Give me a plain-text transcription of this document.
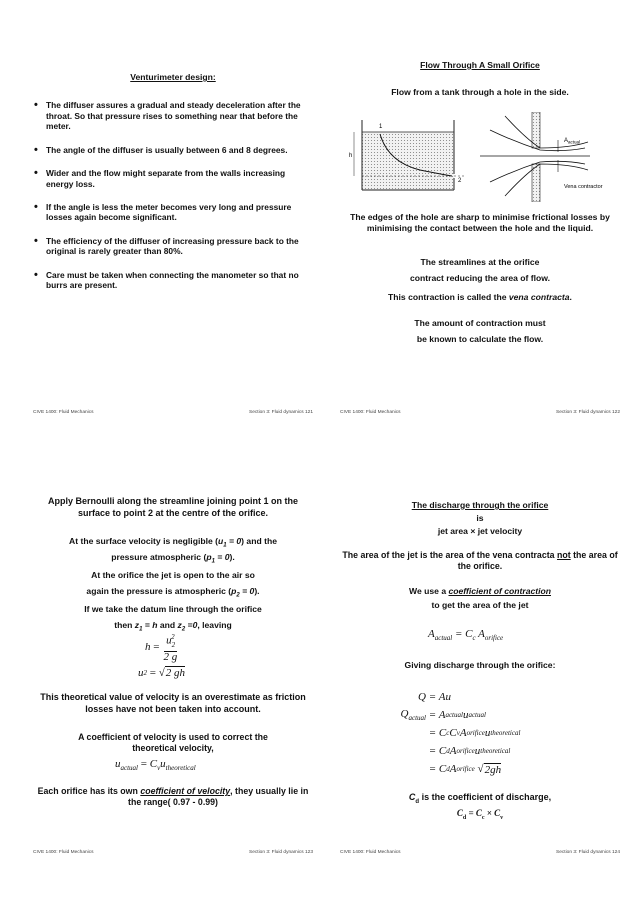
Venturimeter design:
• The diffuser assures a gradual and steady deceleration after the throat. So that pressure rises to something near that before the meter.
• The angle of the diffuser is usually between 6 and 8 degrees.
• Wider and the flow might separate from the walls increasing energy loss.
• If the angle is less the meter becomes very long and pressure losses again become significant.
• The efficiency of the diffuser of increasing pressure back to the original is rarely greater than 80%.
• Care must be taken when connecting the manometer so that no burrs are present.
CIVE 1400: Fluid Mechanics	Section 3: Fluid dynamics 121
Flow Through A Small Orifice
Flow from a tank through a hole in the side.
h
1
2
$A_{actual}$
Vena contractor
The edges of the hole are sharp to minimise frictional losses by minimising the contact between the hole and the liquid.
The streamlines at the orifice
contract reducing the area of flow.
This contraction is called the vena contracta.
The amount of contraction must
be known to calculate the flow.
CIVE 1400: Fluid Mechanics	Section 3: Fluid dynamics 122
Apply Bernoulli along the streamline joining point 1 on the surface to point 2 at the centre of the orifice.
At the surface velocity is negligible $(u_1 = 0)$ and the
pressure atmospheric $(p_1 = 0)$.
At the orifice the jet is open to the air so
again the pressure is atmospheric $(p_2 = 0)$.
If we take the datum line through the orifice
then $z_1 = h$ and $z_2 =0$, leaving
h
= $\frac{u_2^2}{2 g}$
u 2
=
√ 2 gh
This theoretical value of velocity is an overestimate as friction losses have not been taken into account.
A coefficient of velocity is used to correct the theoretical velocity,
$u_{actual} = C_vu_{theoretical}$
Each orifice has its own coefficient of velocity, they usually lie in the range( 0.97 - 0.99)
CIVE 1400: Fluid Mechanics	Section 3: Fluid dynamics 123
The discharge through the orifice
is
jet area × jet velocity
The area of the jet is the area of the vena contracta not the area of the orifice.
We use a coefficient of contraction
to get the area of the jet
$A_{actual} = C_c$ $A_{orifice}$
Giving discharge through the orifice:
Q
= Au
$Q_{actual}$
= A actual u actual

= C c C v A orifice u theoretical

= C d A orifice u theoretical

= C d A orifice
√ 2gh
$C_d$ is the coefficient of discharge,
$C_d = C_c \times C_v$
CIVE 1400: Fluid Mechanics	Section 3: Fluid dynamics 124
